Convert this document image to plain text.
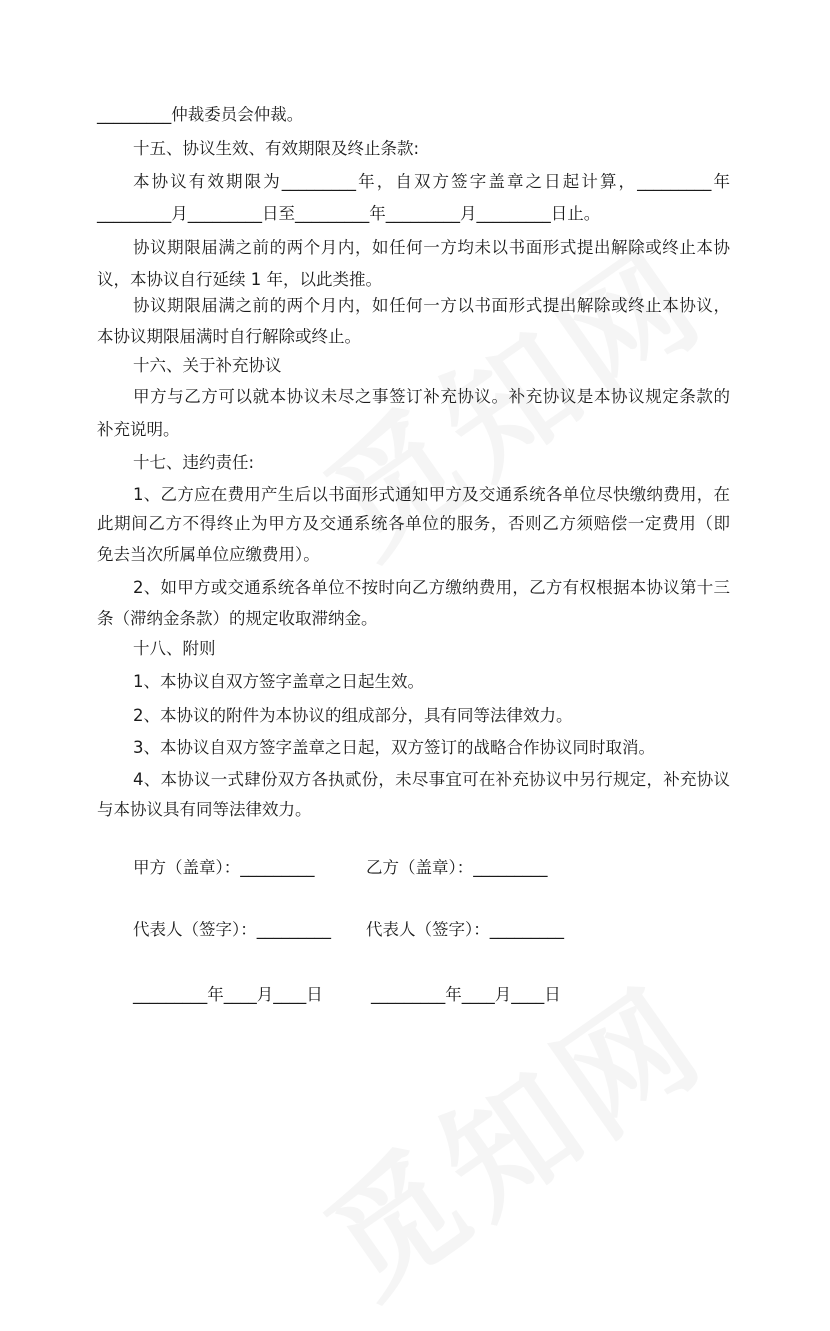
_________仲裁委员会仲裁。
十五、协议生效、有效期限及终止条款:
本协议有效期限为_________年，自双方签字盖章之日起计算，_________年
_________月_________日至_________年_________月_________日止。
协议期限届满之前的两个月内，如任何一方均未以书面形式提出解除或终止本协
议，本协议自行延续 1 年，以此类推。
协议期限届满之前的两个月内，如任何一方以书面形式提出解除或终止本协议，
本协议期限届满时自行解除或终止。
十六、关于补充协议
甲方与乙方可以就本协议未尽之事签订补充协议。补充协议是本协议规定条款的
补充说明。
十七、违约责任:
1、乙方应在费用产生后以书面形式通知甲方及交通系统各单位尽快缴纳费用，在
此期间乙方不得终止为甲方及交通系统各单位的服务，否则乙方须赔偿一定费用（即
免去当次所属单位应缴费用）。
2、如甲方或交通系统各单位不按时向乙方缴纳费用，乙方有权根据本协议第十三
条（滞纳金条款）的规定收取滞纳金。
十八、附则
1、本协议自双方签字盖章之日起生效。
2、本协议的附件为本协议的组成部分，具有同等法律效力。
3、本协议自双方签字盖章之日起，双方签订的战略合作协议同时取消。
4、本协议一式肆份双方各执贰份，未尽事宜可在补充协议中另行规定，补充协议
与本协议具有同等法律效力。
甲方（盖章）：_________	乙方（盖章）：_________
代表人（签字）：_________	代表人（签字）：_________
_________年____月____日	_________年____月____日
